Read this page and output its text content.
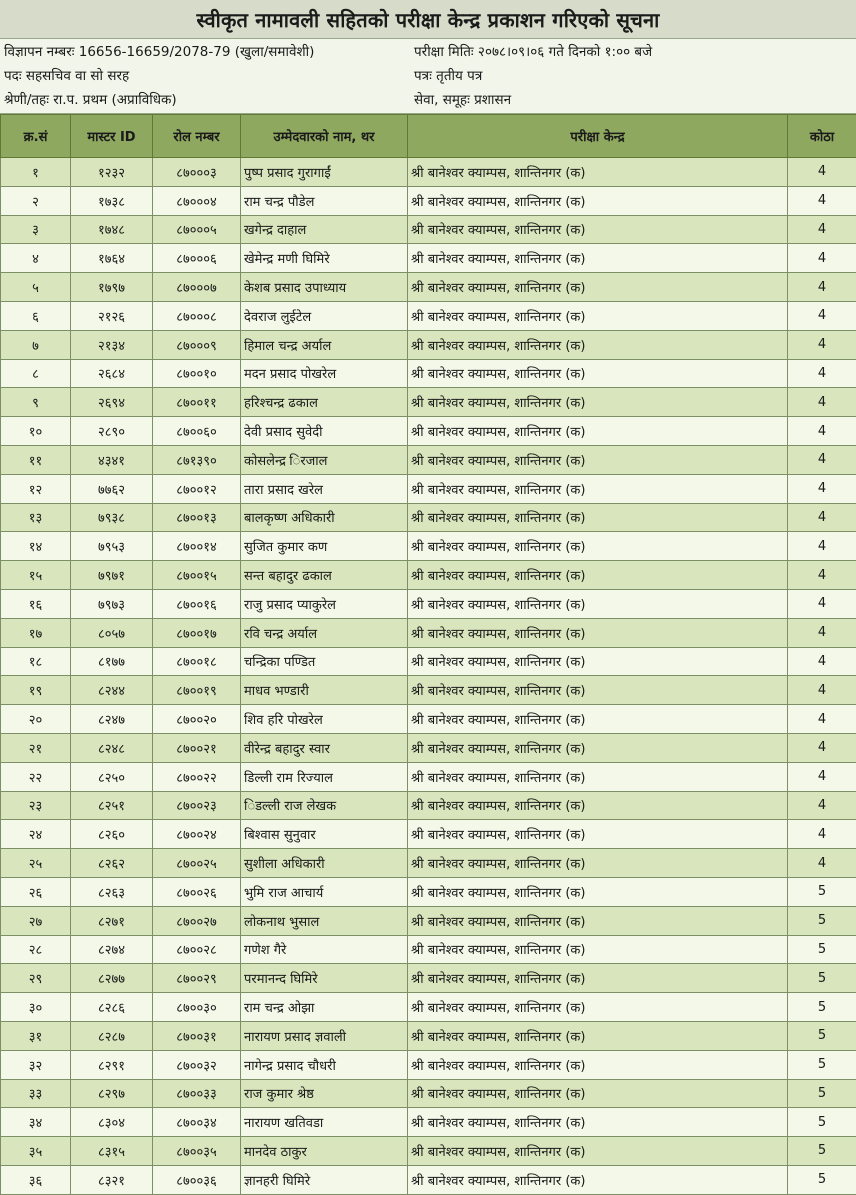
स्वीकृत नामावली सहितको परीक्षा केन्द्र प्रकाशन गरिएको सूचना
विज्ञापन नम्बरः 16656-16659/2078-79 (खुला/समावेशी)
पदः सहसचिव वा सो सरह
श्रेणी/तहः रा.प. प्रथम (अप्राविधिक)
परीक्षा मितिः २०७८।०९।०६ गते दिनको १:०० बजे
पत्रः तृतीय पत्र
सेवा, समूहः प्रशासन
क्र.सं	मास्टर ID	रोल नम्बर	उम्मेदवारको नाम, थर	परीक्षा केन्द्र	कोठा
१	१२३२	८७०००३	पुष्प प्रसाद गुरागाईं	श्री बानेश्वर क्याम्पस, शान्तिनगर (क)	4
२	१७३८	८७०००४	राम चन्द्र पौडेल	श्री बानेश्वर क्याम्पस, शान्तिनगर (क)	4
३	१७४८	८७०००५	खगेन्द्र दाहाल	श्री बानेश्वर क्याम्पस, शान्तिनगर (क)	4
४	१७६४	८७०००६	खेमेन्द्र मणी घिमिरे	श्री बानेश्वर क्याम्पस, शान्तिनगर (क)	4
५	१७९७	८७०००७	केशब प्रसाद उपाध्याय	श्री बानेश्वर क्याम्पस, शान्तिनगर (क)	4
६	२१२६	८७०००८	देवराज लुईटेल	श्री बानेश्वर क्याम्पस, शान्तिनगर (क)	4
७	२१३४	८७०००९	हिमाल चन्द्र अर्याल	श्री बानेश्वर क्याम्पस, शान्तिनगर (क)	4
८	२६८४	८७००१०	मदन प्रसाद पोखरेल	श्री बानेश्वर क्याम्पस, शान्तिनगर (क)	4
९	२६९४	८७००११	हरिश्चन्द्र ढकाल	श्री बानेश्वर क्याम्पस, शान्तिनगर (क)	4
१०	२८९०	८७००६०	देवी प्रसाद सुवेदी	श्री बानेश्वर क्याम्पस, शान्तिनगर (क)	4
११	४३४१	८७१३९०	कोसलेन्द्र िरजाल	श्री बानेश्वर क्याम्पस, शान्तिनगर (क)	4
१२	७७६२	८७००१२	तारा प्रसाद खरेल	श्री बानेश्वर क्याम्पस, शान्तिनगर (क)	4
१३	७९३८	८७००१३	बालकृष्ण अधिकारी	श्री बानेश्वर क्याम्पस, शान्तिनगर (क)	4
१४	७९५३	८७००१४	सुजित कुमार कण	श्री बानेश्वर क्याम्पस, शान्तिनगर (क)	4
१५	७९७१	८७००१५	सन्त बहादुर ढकाल	श्री बानेश्वर क्याम्पस, शान्तिनगर (क)	4
१६	७९७३	८७००१६	राजु प्रसाद प्याकुरेल	श्री बानेश्वर क्याम्पस, शान्तिनगर (क)	4
१७	८०५७	८७००१७	रवि चन्द्र अर्याल	श्री बानेश्वर क्याम्पस, शान्तिनगर (क)	4
१८	८१७७	८७००१८	चन्द्रिका पण्डित	श्री बानेश्वर क्याम्पस, शान्तिनगर (क)	4
१९	८२४४	८७००१९	माधव भण्डारी	श्री बानेश्वर क्याम्पस, शान्तिनगर (क)	4
२०	८२४७	८७००२०	शिव हरि पोखरेल	श्री बानेश्वर क्याम्पस, शान्तिनगर (क)	4
२१	८२४८	८७००२१	वीरेन्द्र बहादुर स्वार	श्री बानेश्वर क्याम्पस, शान्तिनगर (क)	4
२२	८२५०	८७००२२	डिल्ली राम रिज्याल	श्री बानेश्वर क्याम्पस, शान्तिनगर (क)	4
२३	८२५१	८७००२३	िडल्ली राज लेखक	श्री बानेश्वर क्याम्पस, शान्तिनगर (क)	4
२४	८२६०	८७००२४	बिश्वास सुनुवार	श्री बानेश्वर क्याम्पस, शान्तिनगर (क)	4
२५	८२६२	८७००२५	सुशीला अधिकारी	श्री बानेश्वर क्याम्पस, शान्तिनगर (क)	4
२६	८२६३	८७००२६	भुमि राज आचार्य	श्री बानेश्वर क्याम्पस, शान्तिनगर (क)	5
२७	८२७१	८७००२७	लोकनाथ भुसाल	श्री बानेश्वर क्याम्पस, शान्तिनगर (क)	5
२८	८२७४	८७००२८	गणेश गैरे	श्री बानेश्वर क्याम्पस, शान्तिनगर (क)	5
२९	८२७७	८७००२९	परमानन्द घिमिरे	श्री बानेश्वर क्याम्पस, शान्तिनगर (क)	5
३०	८२८६	८७००३०	राम चन्द्र ओझा	श्री बानेश्वर क्याम्पस, शान्तिनगर (क)	5
३१	८२८७	८७००३१	नारायण प्रसाद ज्ञवाली	श्री बानेश्वर क्याम्पस, शान्तिनगर (क)	5
३२	८२९१	८७००३२	नागेन्द्र प्रसाद चौधरी	श्री बानेश्वर क्याम्पस, शान्तिनगर (क)	5
३३	८२९७	८७००३३	राज कुमार श्रेष्ठ	श्री बानेश्वर क्याम्पस, शान्तिनगर (क)	5
३४	८३०४	८७००३४	नारायण खतिवडा	श्री बानेश्वर क्याम्पस, शान्तिनगर (क)	5
३५	८३१५	८७००३५	मानदेव ठाकुर	श्री बानेश्वर क्याम्पस, शान्तिनगर (क)	5
३६	८३२१	८७००३६	ज्ञानहरी घिमिरे	श्री बानेश्वर क्याम्पस, शान्तिनगर (क)	5
